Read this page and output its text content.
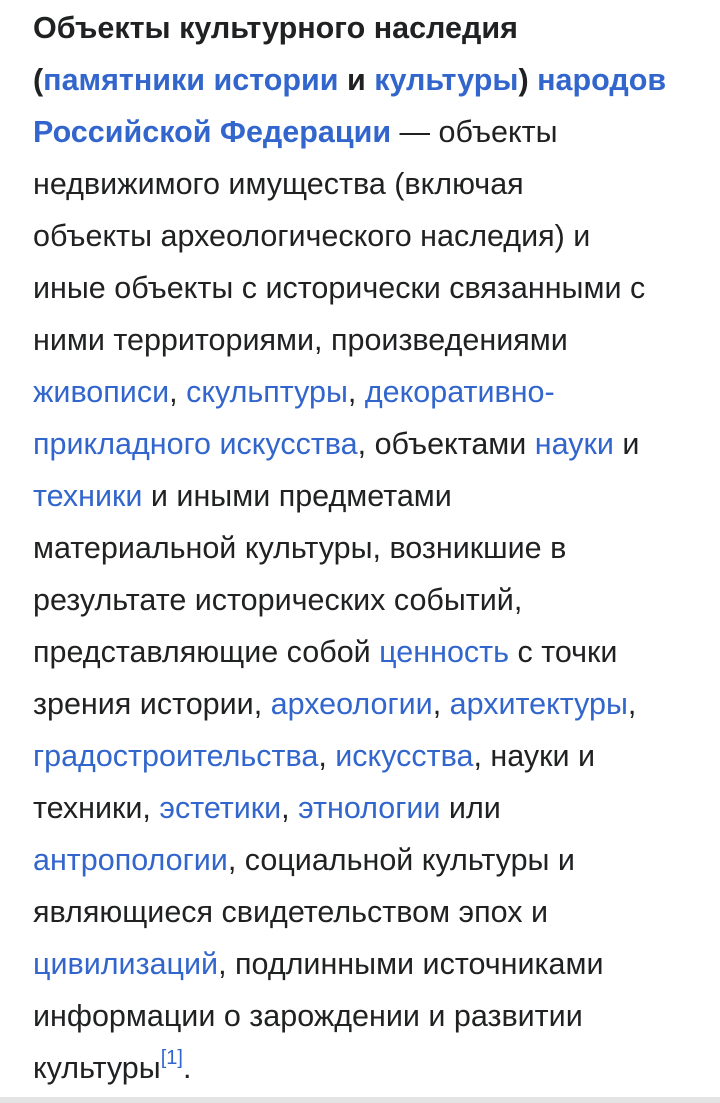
Объекты культурного наследия
(памятники истории и культуры) народов
Российской Федерации — объекты
недвижимого имущества (включая
объекты археологического наследия) и
иные объекты с исторически связанными с
ними территориями, произведениями
живописи, скульптуры, декоративно-
прикладного искусства, объектами науки и
техники и иными предметами
материальной культуры, возникшие в
результате исторических событий,
представляющие собой ценность с точки
зрения истории, археологии, архитектуры,
градостроительства, искусства, науки и
техники, эстетики, этнологии или
антропологии, социальной культуры и
являющиеся свидетельством эпох и
цивилизаций, подлинными источниками
информации о зарождении и развитии
культуры[1].
